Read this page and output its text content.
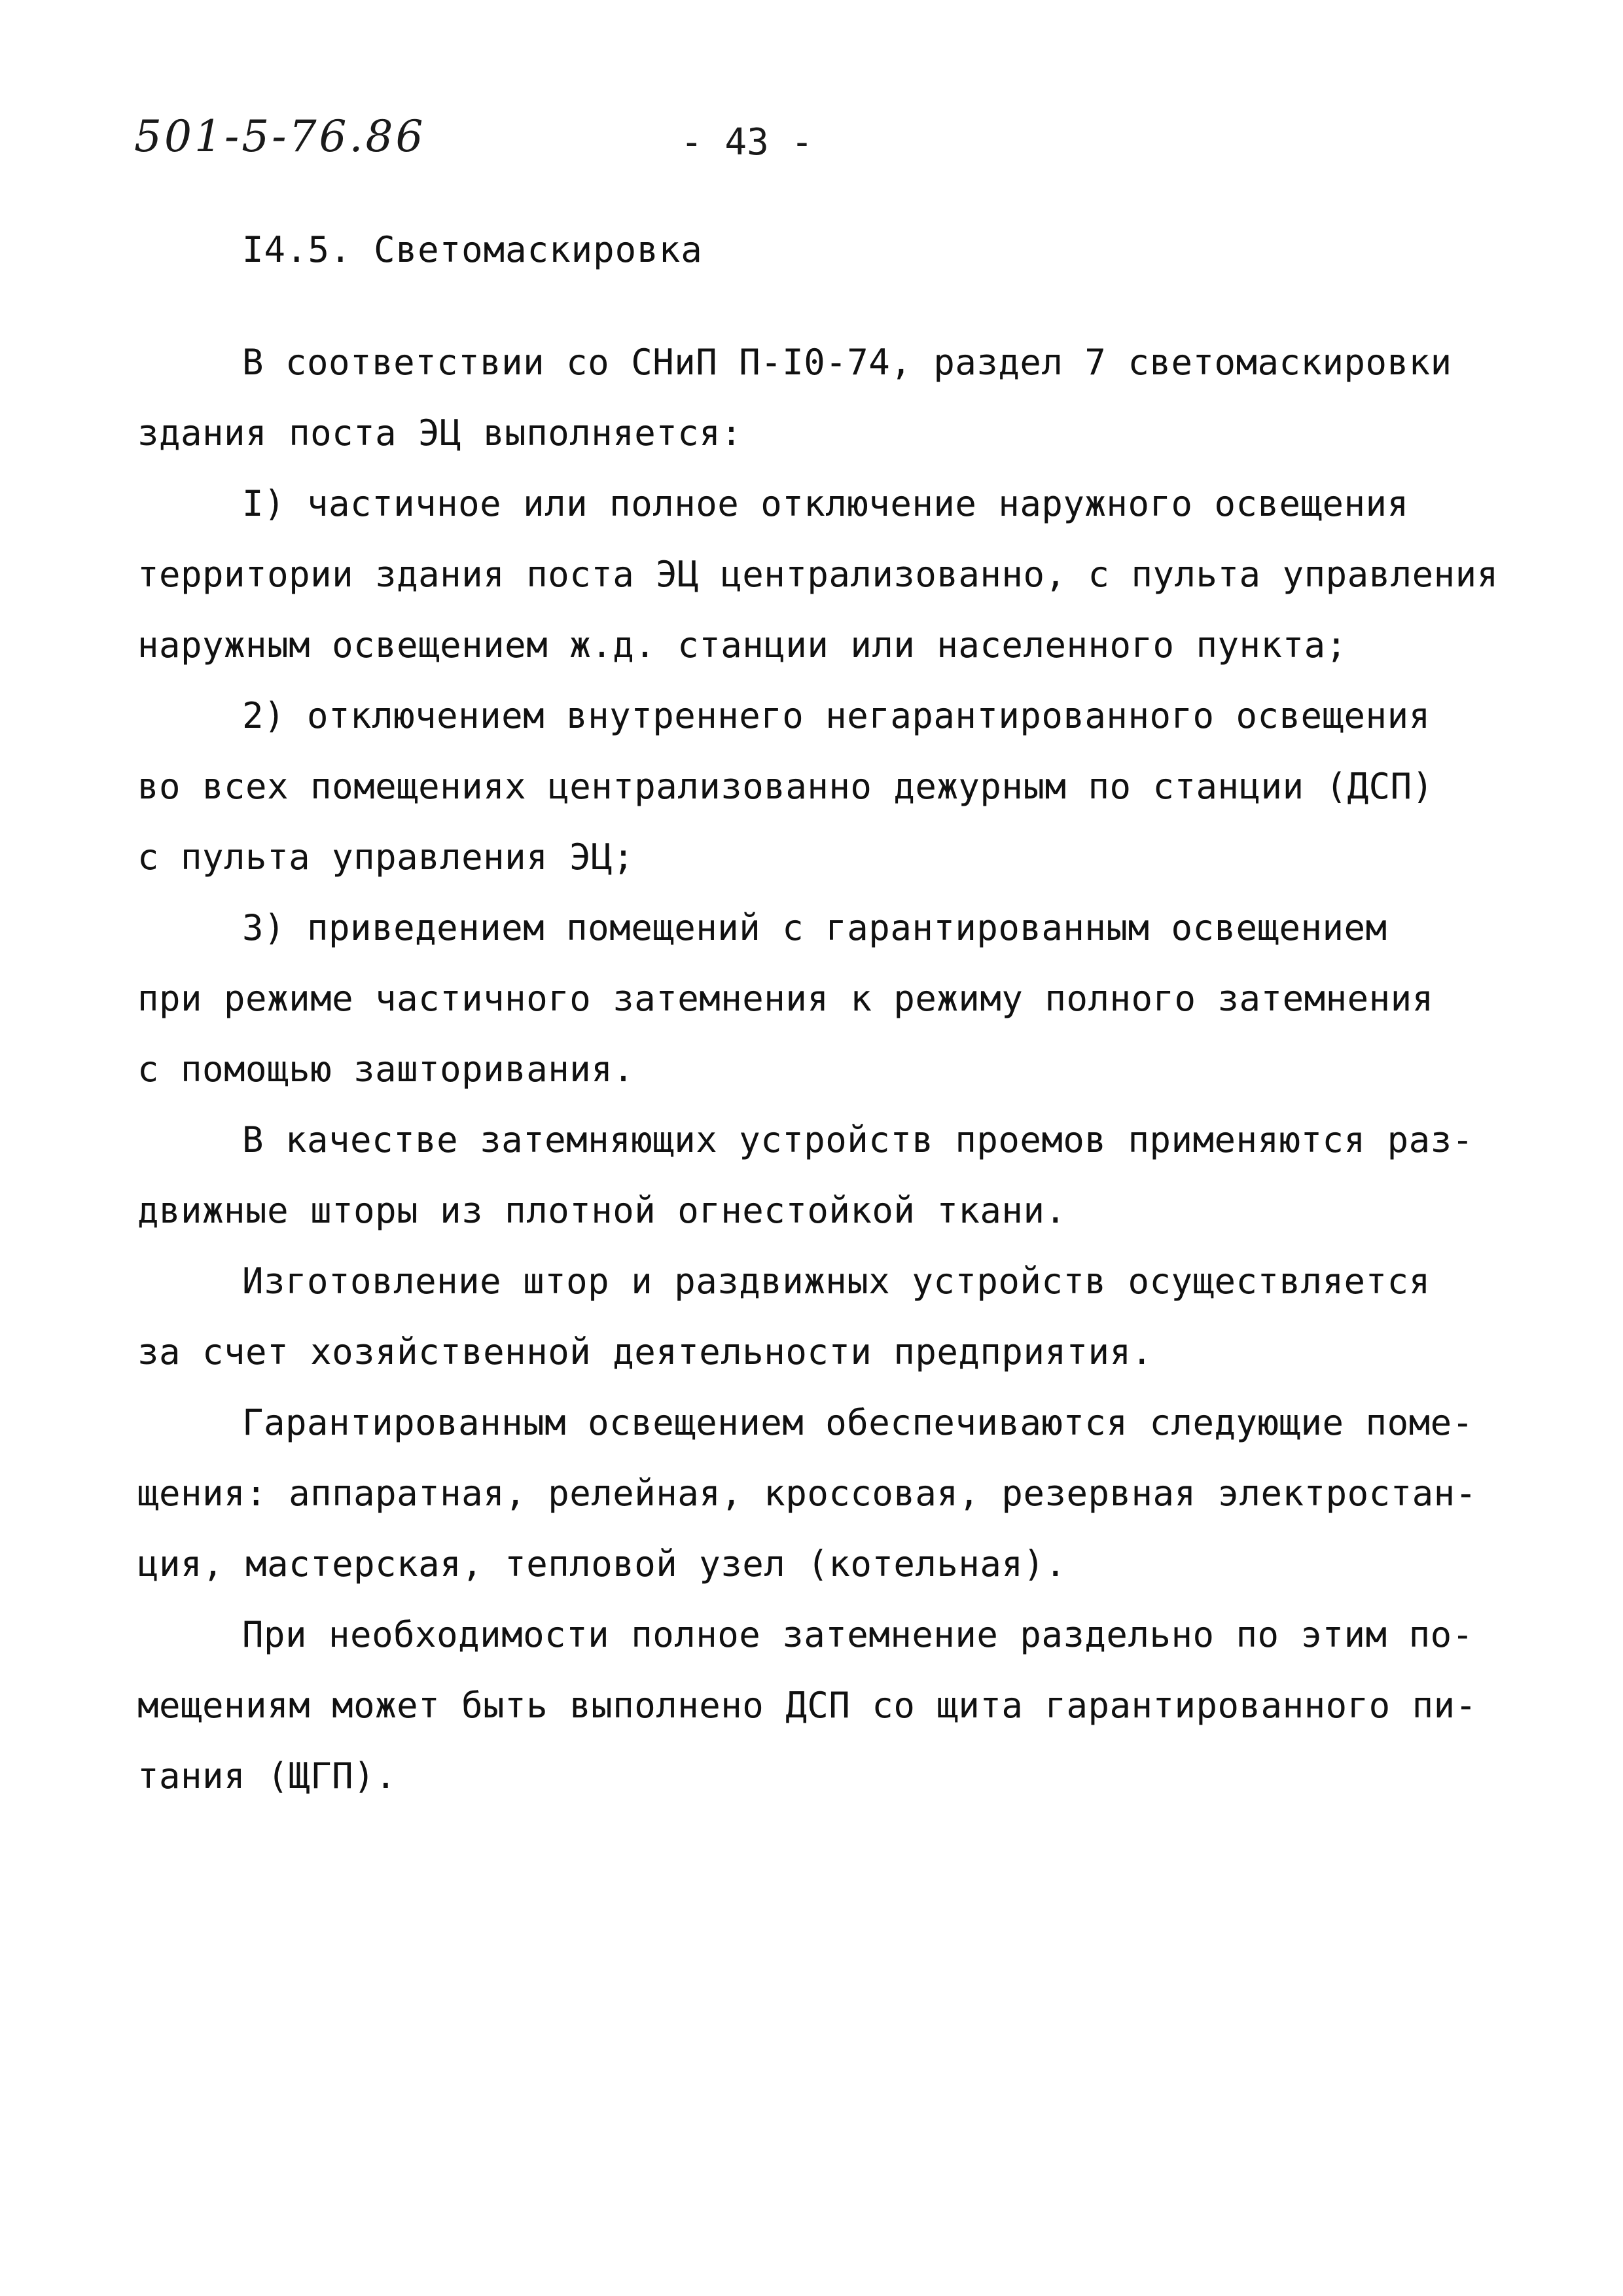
501-5-76.86	- 43 -
I4.5. Светомаскировка
В соответствии со СНиП П-I0-74, раздел 7 светомаскировки
здания поста ЭЦ выполняется:
I) частичное или полное отключение наружного освещения
территории здания поста ЭЦ централизованно, с пульта управления
наружным освещением ж.д. станции или населенного пункта;
2) отключением внутреннего негарантированного освещения
во всех помещениях централизованно дежурным по станции (ДСП)
с пульта управления ЭЦ;
3) приведением помещений с гарантированным освещением
при режиме частичного затемнения к режиму полного затемнения
с помощью зашторивания.
В качестве затемняющих устройств проемов применяются раз-
движные шторы из плотной огнестойкой ткани.
Изготовление штор и раздвижных устройств осуществляется
за счет хозяйственной деятельности предприятия.
Гарантированным освещением обеспечиваются следующие поме-
щения: аппаратная, релейная, кроссовая, резервная электростан-
ция, мастерская, тепловой узел (котельная).
При необходимости полное затемнение раздельно по этим по-
мещениям может быть выполнено ДСП со щита гарантированного пи-
тания (ЩГП).
